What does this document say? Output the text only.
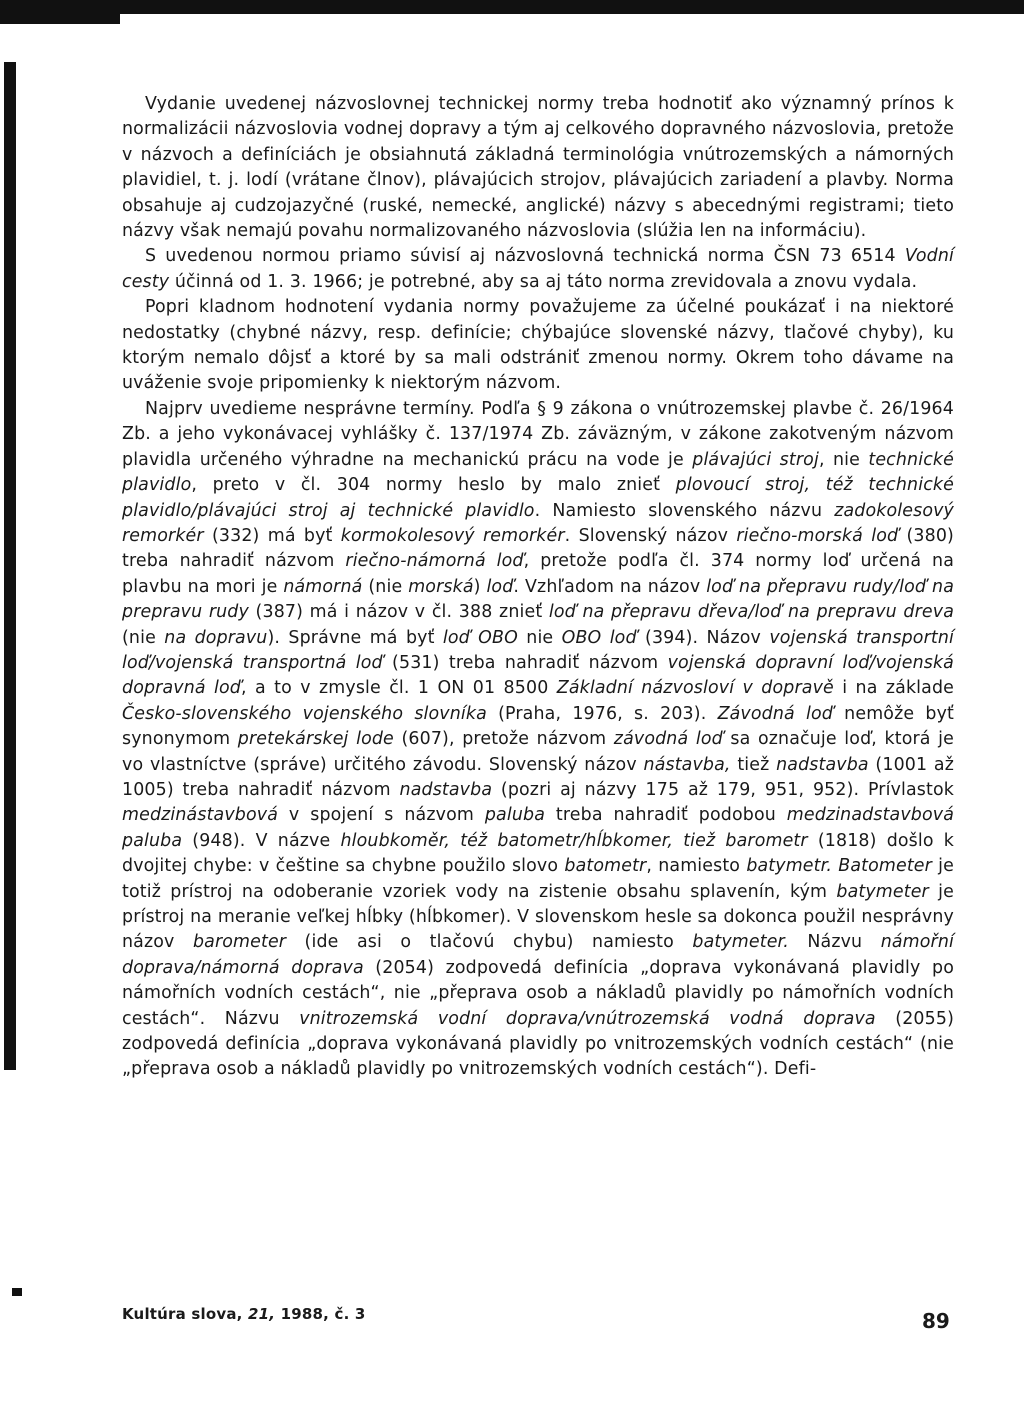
Vydanie uvedenej názvoslovnej technickej normy treba hodnotiť ako významný prínos k normalizácii názvoslovia vodnej dopravy a tým aj celkového dopravného názvoslovia, pretože v názvoch a definíciách je obsiahnutá základná terminológia vnútrozemských a námorných plavidiel, t. j. lodí (vrátane člnov), plávajúcich strojov, plávajúcich zariadení a plavby. Norma obsahuje aj cudzojazyčné (ruské, nemecké, anglické) názvy s abecednými registrami; tieto názvy však nemajú povahu normalizovaného názvoslovia (slúžia len na informáciu).

S uvedenou normou priamo súvisí aj názvoslovná technická norma ČSN 73 6514 Vodní cesty účinná od 1. 3. 1966; je potrebné, aby sa aj táto norma zrevidovala a znovu vydala.

Popri kladnom hodnotení vydania normy považujeme za účelné poukázať i na niektoré nedostatky (chybné názvy, resp. definície; chýbajúce slovenské názvy, tlačové chyby), ku ktorým nemalo dôjsť a ktoré by sa mali odstrániť zmenou normy. Okrem toho dávame na uváženie svoje pripomienky k niektorým názvom.

Najprv uvedieme nesprávne termíny. Podľa § 9 zákona o vnútrozemskej plavbe č. 26/1964 Zb. a jeho vykonávacej vyhlášky č. 137/1974 Zb. záväzným, v zákone zakotveným názvom plavidla určeného výhradne na mechanickú prácu na vode je plávajúci stroj, nie technické plavidlo, preto v čl. 304 normy heslo by malo znieť plovoucí stroj, též technické plavidlo/plávajúci stroj aj technické plavidlo. Namiesto slovenského názvu zadokolesový remorkér (332) má byť kormokolesový remorkér. Slovenský názov riečno-morská loď (380) treba nahradiť názvom riečno-námorná loď, pretože podľa čl. 374 normy loď určená na plavbu na mori je námorná (nie morská) loď. Vzhľadom na názov loď na přepravu rudy/loď na prepravu rudy (387) má i názov v čl. 388 znieť loď na přepravu dřeva/loď na prepravu dreva (nie na dopravu). Správne má byť loď OBO nie OBO loď (394). Názov vojenská transportní loď/vojenská transportná loď (531) treba nahradiť názvom vojenská dopravní loď/vojenská dopravná loď, a to v zmysle čl. 1 ON 01 8500 Základní názvosloví v dopravě i na základe Česko-slovenského vojenského slovníka (Praha, 1976, s. 203). Závodná loď nemôže byť synonymom pretekárskej lode (607), pretože názvom závodná loď sa označuje loď, ktorá je vo vlastníctve (správe) určitého závodu. Slovenský názov nástavba, tiež nadstavba (1001 až 1005) treba nahradiť názvom nadstavba (pozri aj názvy 175 až 179, 951, 952). Prívlastok medzinástavbová v spojení s názvom paluba treba nahradiť podobou medzinadstavbová paluba (948). V názve hloubkoměr, též batometr/hĺbkomer, tiež barometr (1818) došlo k dvojitej chybe: v češtine sa chybne použilo slovo batometr, namiesto batymetr. Batometer je totiž prístroj na odoberanie vzoriek vody na zistenie obsahu splavenín, kým batymeter je prístroj na meranie veľkej hĺbky (hĺbkomer). V slovenskom hesle sa dokonca použil nesprávny názov barometer (ide asi o tlačovú chybu) namiesto batymeter. Názvu námořní doprava/námorná doprava (2054) zodpovedá definícia „doprava vykonávaná plavidly po námořních vodních cestách“, nie „přeprava osob a nákladů plavidly po námořních vodních cestách“. Názvu vnitrozemská vodní doprava/vnútrozemská vodná doprava (2055) zodpovedá definícia „doprava vykonávaná plavidly po vnitrozemských vodních cestách“ (nie „přeprava osob a nákladů plavidly po vnitrozemských vodních cestách“). Defi-

Kultúra slova, 21, 1988, č. 3	89
